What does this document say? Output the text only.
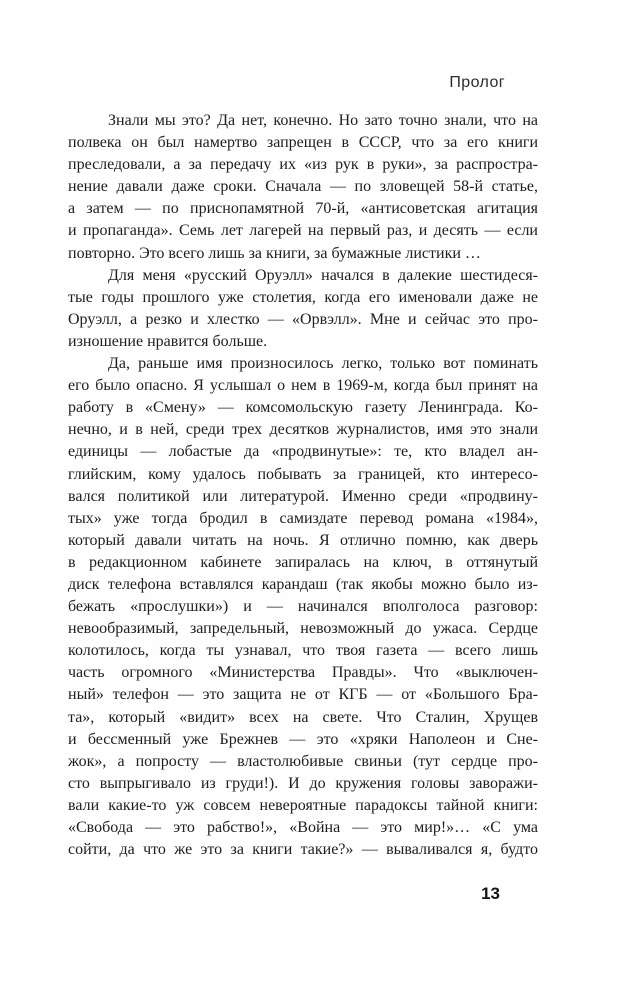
Пролог
Знали мы это? Да нет, конечно. Но зато точно знали, что на
полвека он был намертво запрещен в СССР, что за его книги
преследовали, а за передачу их «из рук в руки», за распростра-
нение давали даже сроки. Сначала — по зловещей 58-й статье,
а затем — по приснопамятной 70-й, «антисоветская агитация
и пропаганда». Семь лет лагерей на первый раз, и десять — если
повторно. Это всего лишь за книги, за бумажные листики …
Для меня «русский Оруэлл» начался в далекие шестидеся-
тые годы прошлого уже столетия, когда его именовали даже не
Оруэлл, а резко и хлестко — «Орвэлл». Мне и сейчас это про-
изношение нравится больше.
Да, раньше имя произносилось легко, только вот поминать
его было опасно. Я услышал о нем в 1969-м, когда был принят на
работу в «Смену» — комсомольскую газету Ленинграда. Ко-
нечно, и в ней, среди трех десятков журналистов, имя это знали
единицы — лобастые да «продвинутые»: те, кто владел ан-
глийским, кому удалось побывать за границей, кто интересо-
вался политикой или литературой. Именно среди «продвину-
тых» уже тогда бродил в самиздате перевод романа «1984»,
который давали читать на ночь. Я отлично помню, как дверь
в редакционном кабинете запиралась на ключ, в оттянутый
диск телефона вставлялся карандаш (так якобы можно было из-
бежать «прослушки») и — начинался вполголоса разговор:
невообразимый, запредельный, невозможный до ужаса. Сердце
колотилось, когда ты узнавал, что твоя газета — всего лишь
часть огромного «Министерства Правды». Что «выключен-
ный» телефон — это защита не от КГБ — от «Большого Бра-
та», который «видит» всех на свете. Что Сталин, Хрущев
и бессменный уже Брежнев — это «хряки Наполеон и Сне-
жок», а попросту — властолюбивые свиньи (тут сердце про-
сто выпрыгивало из груди!). И до кружения головы заворажи-
вали какие-то уж совсем невероятные парадоксы тайной книги:
«Свобода — это рабство!», «Война — это мир!»… «С ума
сойти, да что же это за книги такие?» — вываливался я, будто
13
